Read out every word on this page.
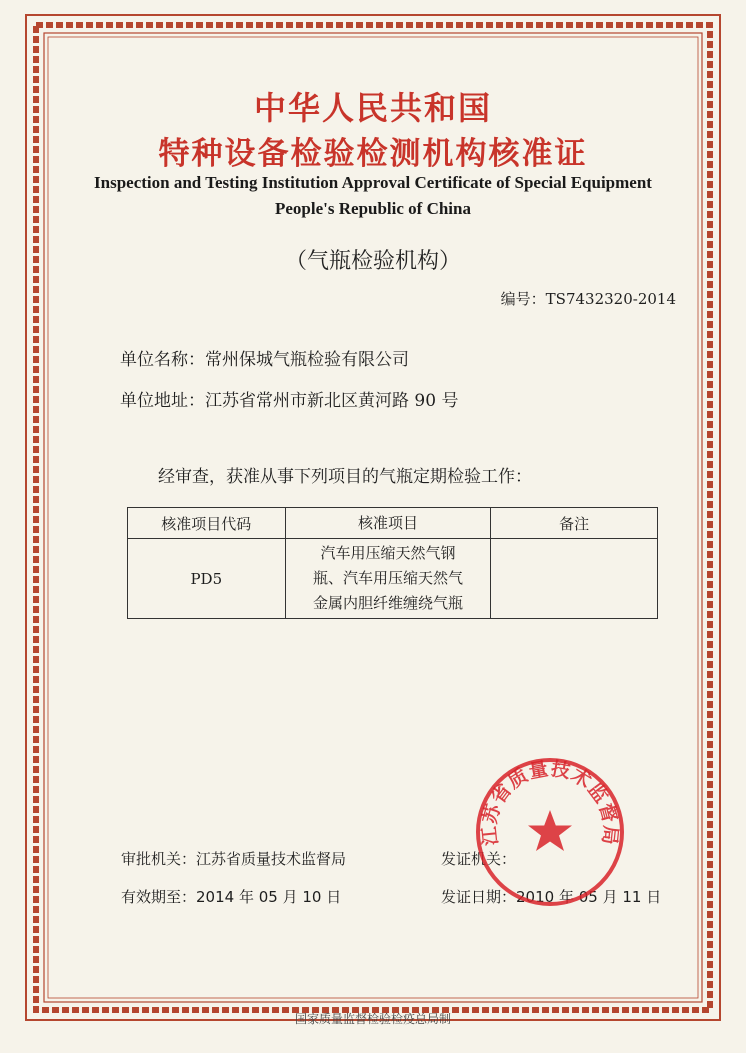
中华人民共和国
特种设备检验检测机构核准证
Inspection and Testing Institution Approval Certificate of Special Equipment
People's Republic of China
（气瓶检验机构）
编号：TS7432320-2014
单位名称：常州保城气瓶检验有限公司
单位地址：江苏省常州市新北区黄河路 90 号
经审查，获准从事下列项目的气瓶定期检验工作：
核准项目代码	核准项目	备注
PD5	汽车用压缩天然气钢
瓶、汽车用压缩天然气
金属内胆纤维缠绕气瓶	

审批机关：江苏省质量技术监督局	发证机关：
有效期至：2014 年 05 月 10 日	发证日期：2010 年 05 月 11 日
江苏省质量技术监督局
国家质量监督检验检疫总局制
